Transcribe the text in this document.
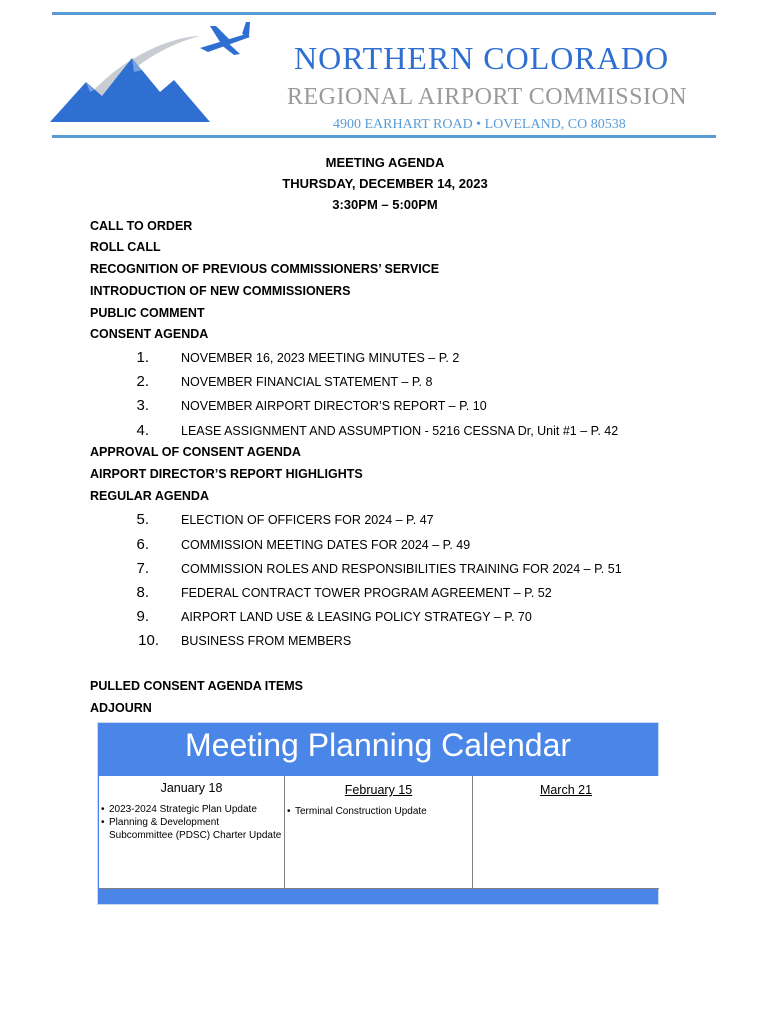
NORTHERN COLORADO
REGIONAL AIRPORT COMMISSION
4900 EARHART ROAD • LOVELAND, CO 80538
MEETING AGENDA
THURSDAY, DECEMBER 14, 2023
3:30PM – 5:00PM
CALL TO ORDER
ROLL CALL
RECOGNITION OF PREVIOUS COMMISSIONERS’ SERVICE
INTRODUCTION OF NEW COMMISSIONERS
PUBLIC COMMENT
CONSENT AGENDA
1.	NOVEMBER 16, 2023 MEETING MINUTES – P. 2
2.	NOVEMBER FINANCIAL STATEMENT – P. 8
3.	NOVEMBER AIRPORT DIRECTOR’S REPORT – P. 10
4.	LEASE ASSIGNMENT AND ASSUMPTION - 5216 CESSNA Dr, Unit #1 – P. 42
APPROVAL OF CONSENT AGENDA
AIRPORT DIRECTOR’S REPORT HIGHLIGHTS
REGULAR AGENDA
5.	ELECTION OF OFFICERS FOR 2024 – P. 47
6.	COMMISSION MEETING DATES FOR 2024 – P. 49
7.	COMMISSION ROLES AND RESPONSIBILITIES TRAINING FOR 2024 – P. 51
8.	FEDERAL CONTRACT TOWER PROGRAM AGREEMENT – P. 52
9.	AIRPORT LAND USE & LEASING POLICY STRATEGY – P. 70
10. BUSINESS FROM MEMBERS
PULLED CONSENT AGENDA ITEMS
ADJOURN
Meeting Planning Calendar
January 18
• 2023-2024 Strategic Plan Update
• Planning & Development Subcommittee (PDSC) Charter Update
February 15
• Terminal Construction Update
March 21
